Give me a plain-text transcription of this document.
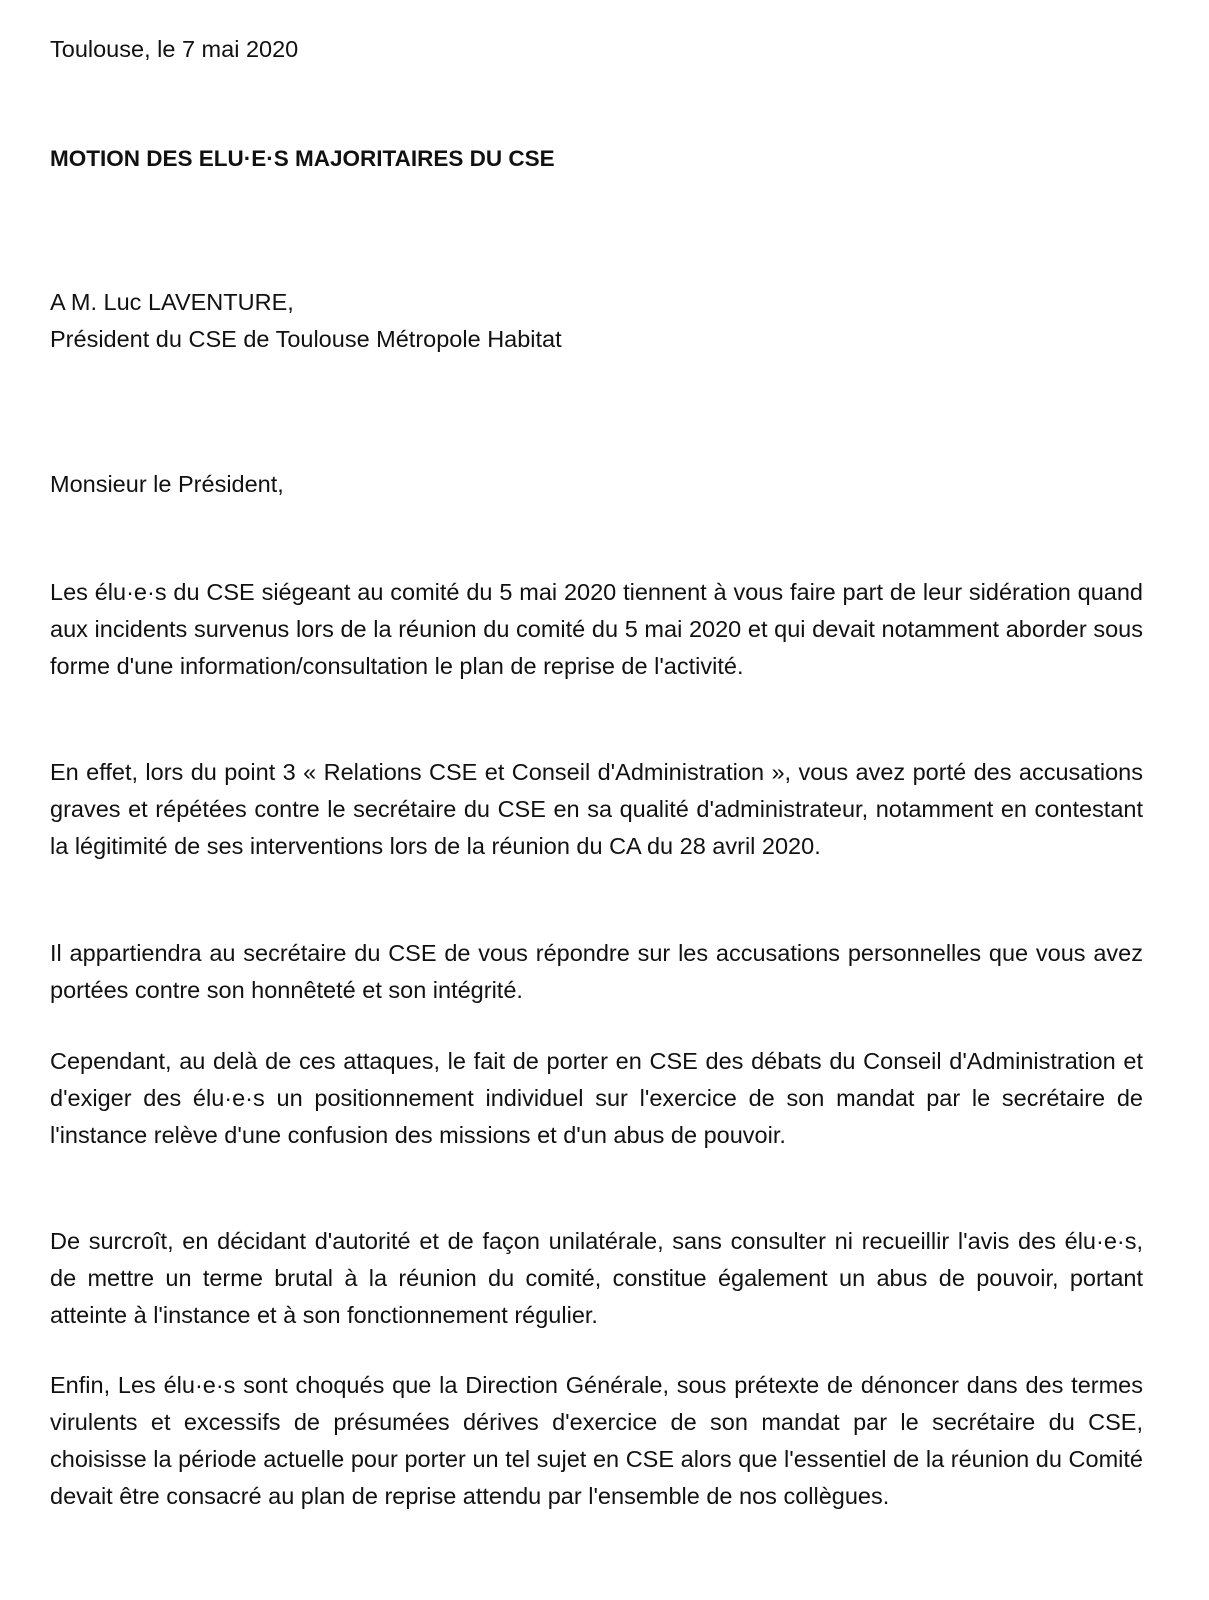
Toulouse, le 7 mai 2020

MOTION DES ELU·E·S MAJORITAIRES DU CSE

A M. Luc LAVENTURE,
Président du CSE de Toulouse Métropole Habitat

Monsieur le Président,

Les élu·e·s du CSE siégeant au comité du 5 mai 2020 tiennent à vous faire part de leur sidération quand aux incidents survenus lors de la réunion du comité du 5 mai 2020 et qui devait notamment aborder sous forme d'une information/consultation le plan de reprise de l'activité.

En effet, lors du point 3 « Relations CSE et Conseil d'Administration », vous avez porté des accusations graves et répétées contre le secrétaire du CSE en sa qualité d'administrateur, notamment en contestant la légitimité de ses interventions lors de la réunion du CA du 28 avril 2020.

Il appartiendra au secrétaire du CSE de vous répondre sur les accusations personnelles que vous avez portées contre son honnêteté et son intégrité.

Cependant, au delà de ces attaques, le fait de porter en CSE des débats du Conseil d'Administration et d'exiger des élu·e·s un positionnement individuel sur l'exercice de son mandat par le secrétaire de l'instance relève d'une confusion des missions et d'un abus de pouvoir.

De surcroît, en décidant d'autorité et de façon unilatérale, sans consulter ni recueillir l'avis des élu·e·s, de mettre un terme brutal à la réunion du comité, constitue également un abus de pouvoir, portant atteinte à l'instance et à son fonctionnement régulier.

Enfin, Les élu·e·s sont choqués que la Direction Générale, sous prétexte de dénoncer dans des termes virulents et excessifs de présumées dérives d'exercice de son mandat par le secrétaire du CSE, choisisse la période actuelle pour porter un tel sujet en CSE alors que l'essentiel de la réunion du Comité devait être consacré au plan de reprise attendu par l'ensemble de nos collègues.
